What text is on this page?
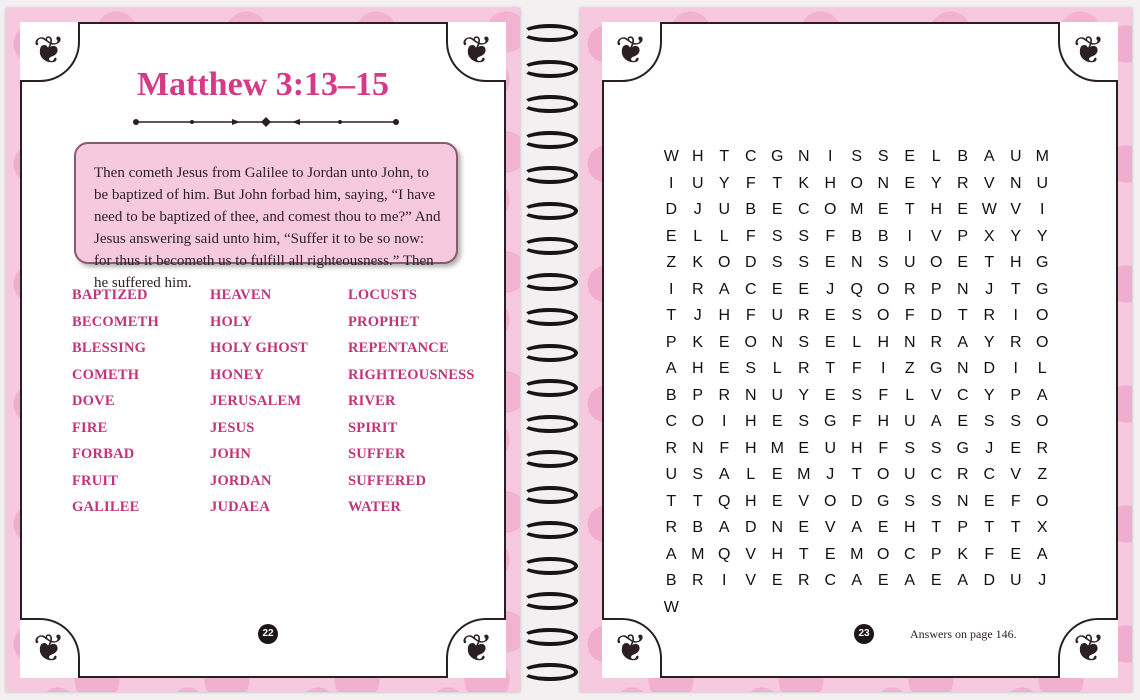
❦	❦
❦	❦
Matthew 3:13–15
Then cometh Jesus from Galilee to Jordan unto John, to be baptized of him. But John forbad him, saying, “I have need to be baptized of thee, and comest thou to me?” And Jesus answering said unto him, “Suffer it to be so now: for thus it becometh us to fulfill all righteousness.” Then he suffered him.
BAPTIZED	HEAVEN	LOCUSTS
BECOMETH	HOLY	PROPHET
BLESSING	HOLY GHOST	REPENTANCE
COMETH	HONEY	RIGHTEOUSNESS
DOVE	JERUSALEM	RIVER
FIRE	JESUS	SPIRIT
FORBAD	JOHN	SUFFER
FRUIT	JORDAN	SUFFERED
GALILEE	JUDAEA	WATER
22
❦	❦
❦	❦
W H T C G N	I	S S E	L	B A U M
I	U Y	F	T	K H O N E Y R V N U
D	J	U B E C O M E	T H E W V	I
E	L	L	F	S S	F	B B	I	V P X Y Y
Z	K O D S S E N S U O E	T H G
I	R A C E E	J	Q O R P N	J	T G
T	J	H F U R E S O F D T R	I	O
P K E O N S E	L	H N R A Y R O
A H E S	L	R T	F	I	Z G N D	I	L
B P R N U Y E S	F	L	V C Y P A
C O	I	H E S G F H U A E S S O
R N F H M E U H F	S S G	J	E R
U S A	L	E M J	T O U C R C V	Z
T	T Q H E V O D G S S N E	F O
R B A D N E V A E H T	P	T	T	X
A M Q V H T	E M O C P K	F	E A
B R	I	V E R C A E A E A D U	J
W
23	Answers on page 146.
